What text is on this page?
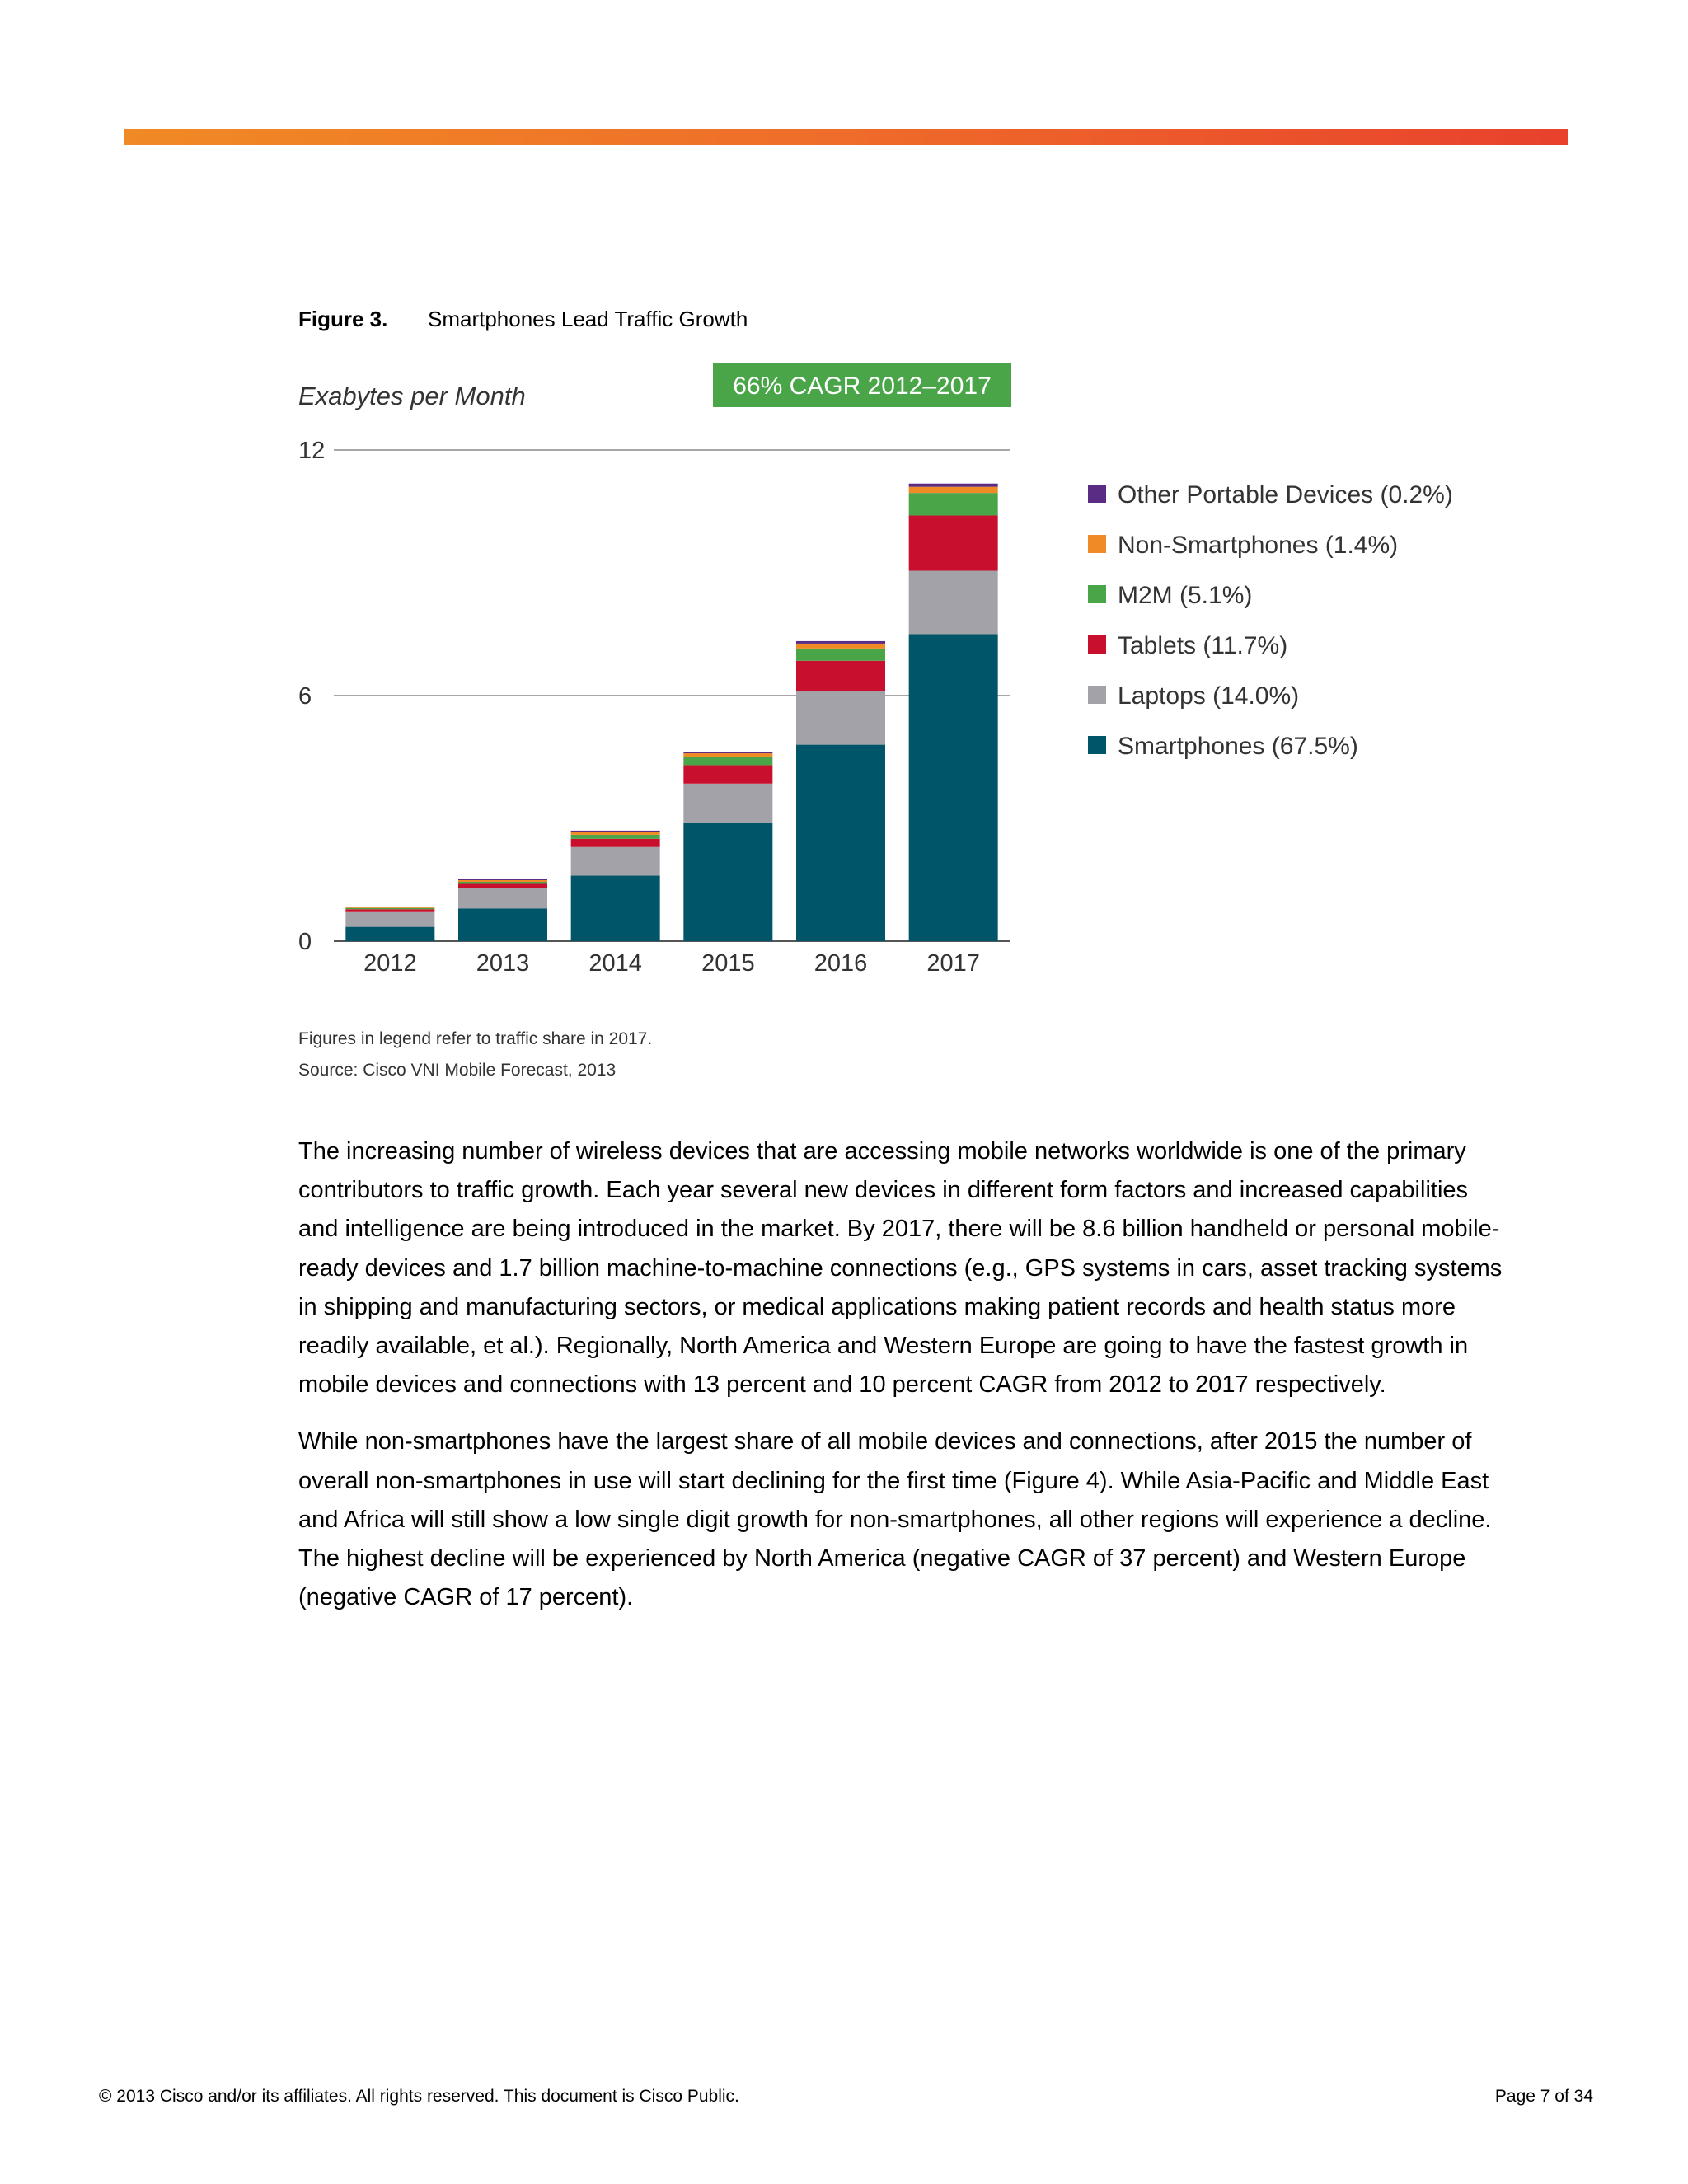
Figure 3. Smartphones Lead Traffic Growth
Exabytes per Month	66% CAGR 2012–2017
0
6
12
2012 2013 2014 2015 2016 2017
Other Portable Devices (0.2%)
Non-Smartphones (1.4%)
M2M (5.1%)
Tablets (11.7%)
Laptops (14.0%)
Smartphones (67.5%)
Figures in legend refer to traffic share in 2017.
Source: Cisco VNI Mobile Forecast, 2013

The increasing number of wireless devices that are accessing mobile networks worldwide is one of the primary
contributors to traffic growth. Each year several new devices in different form factors and increased capabilities
and intelligence are being introduced in the market. By 2017, there will be 8.6 billion handheld or personal mobile-
ready devices and 1.7 billion machine-to-machine connections (e.g., GPS systems in cars, asset tracking systems
in shipping and manufacturing sectors, or medical applications making patient records and health status more
readily available, et al.). Regionally, North America and Western Europe are going to have the fastest growth in
mobile devices and connections with 13 percent and 10 percent CAGR from 2012 to 2017 respectively.

While non-smartphones have the largest share of all mobile devices and connections, after 2015 the number of
overall non-smartphones in use will start declining for the first time (Figure 4). While Asia-Pacific and Middle East
and Africa will still show a low single digit growth for non-smartphones, all other regions will experience a decline.
The highest decline will be experienced by North America (negative CAGR of 37 percent) and Western Europe
(negative CAGR of 17 percent).

© 2013 Cisco and/or its affiliates. All rights reserved. This document is Cisco Public.	Page 7 of 34
